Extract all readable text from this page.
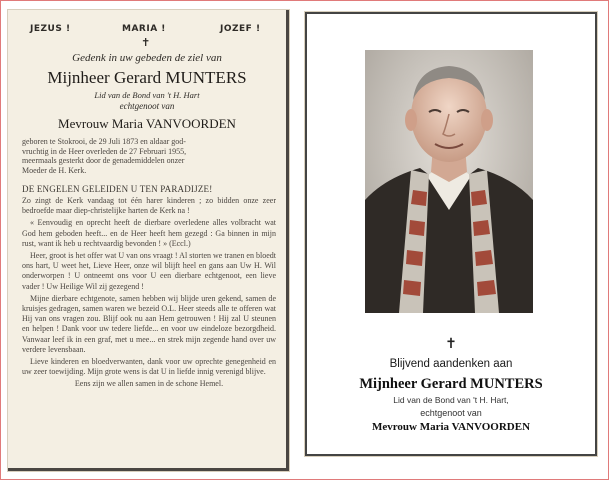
JEZUS !	MARIA !	JOZEF !
✝
Gedenk in uw gebeden de ziel van
Mijnheer Gerard MUNTERS
Lid van de Bond van 't H. Hart
echtgenoot van
Mevrouw Maria VANVOORDEN
geboren te Stokrooi, de 29 Juli 1873 en aldaar god-
vruchtig in de Heer overleden de 27 Februari 1955,
meermaals gesterkt door de genademiddelen onzer
Moeder de H. Kerk.
DE ENGELEN GELEIDEN U TEN PARADIJZE!

Zo zingt de Kerk vandaag tot één harer kinderen ; zo bidden onze zeer bedroefde maar diep-christelijke harten de Kerk na !

« Eenvoudig en oprecht heeft de dierbare overledene alles volbracht wat God hem geboden heeft... en de Heer heeft hem gezegd : Ga binnen in mijn rust, want ik heb u rechtvaardig bevonden ! » (Eccl.)

Heer, groot is het offer wat U van ons vraagt ! Al storten we tranen en bloedt ons hart, U weet het, Lieve Heer, onze wil blijft heel en gans aan Uw H. Wil onderworpen ! U ontneemt ons voor U een dierbare echtgenoot, een lieve vader ! Uw Heilige Wil zij gezegend !

Mijne dierbare echtgenote, samen hebben wij blijde uren gekend, samen de kruisjes gedragen, samen waren we bezeid O.L. Heer steeds alle te offeren wat Hij van ons vragen zou. Blijf ook nu aan Hem getrouwen ! Hij zal U steunen en helpen ! Dank voor uw tedere liefde... en voor uw eindeloze bezorgdheid. Vanwaar leef ik in een graf, met u mee... en strek mijn zegende hand over uw verdere levensbaan.

Lieve kinderen en bloedverwanten, dank voor uw oprechte genegenheid en uw zeer toewijding. Mijn grote wens is dat U in liefde innig verenigd blijve.

Eens zijn we allen samen in de schone Hemel.

✝
Blijvend aandenken aan
Mijnheer Gerard MUNTERS
Lid van de Bond van 't H. Hart,
echtgenoot van
Mevrouw Maria VANVOORDEN
